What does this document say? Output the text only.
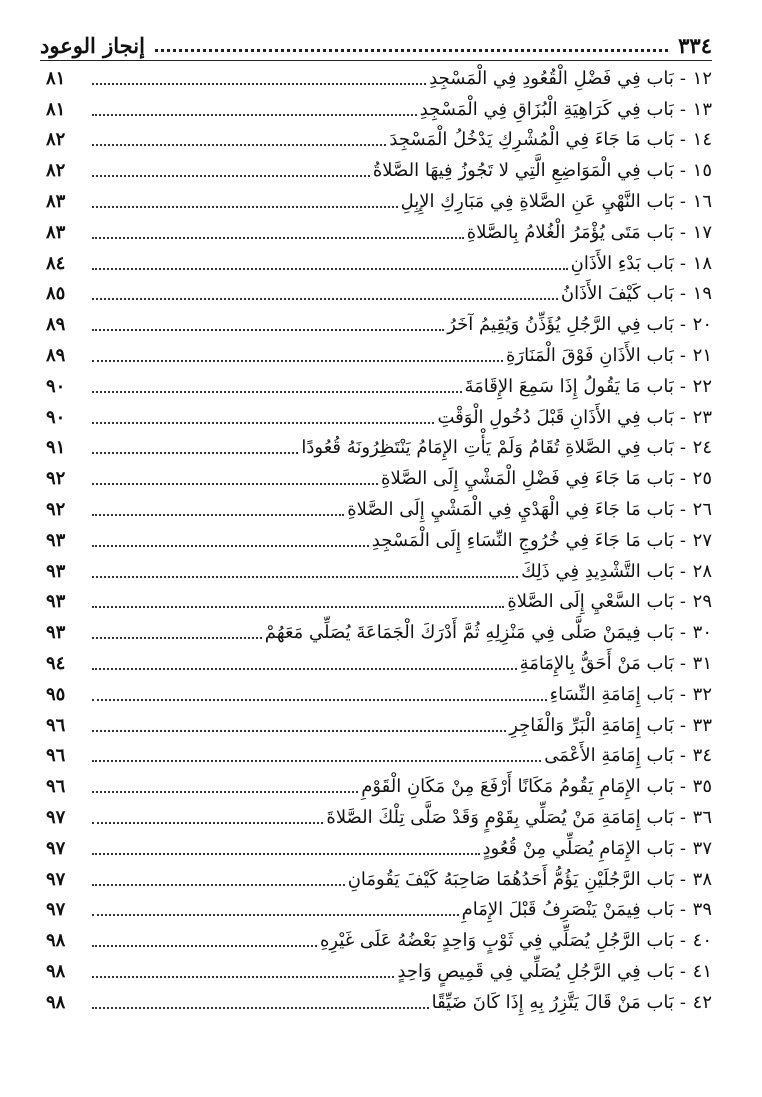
٣٣٤
إنجاز الوعود
١٢
-
بَاب فِي فَضْلِ الْقُعُودِ فِي الْمَسْجِدِ
٨١
١٣
-
بَاب فِي كَرَاهِيَةِ الْبُزَاقِ فِي الْمَسْجِدِ
٨١
١٤
-
بَاب مَا جَاءَ فِي الْمُشْرِكِ يَدْخُلُ الْمَسْجِدَ
٨٢
١٥
-
بَاب فِي الْمَوَاضِعِ الَّتِي لا تَجُوزُ فِيهَا الصَّلاةُ
٨٢
١٦
-
بَاب النَّهْيِ عَنِ الصَّلاةِ فِي مَبَارِكِ الإِبِلِ
٨٣
١٧
-
بَاب مَتَى يُؤْمَرُ الْغُلامُ بِالصَّلاةِ
٨٣
١٨
-
بَاب بَدْءِ الأَذَانِ
٨٤
١٩
-
بَاب كَيْفَ الأَذَانُ
٨٥
٢٠
-
بَاب فِي الرَّجُلِ يُؤَذِّنُ وَيُقِيمُ آخَرُ
٨٩
٢١
-
بَاب الأَذَانِ فَوْقَ الْمَنَارَةِ
٨٩
٢٢
-
بَاب مَا يَقُولُ إِذَا سَمِعَ الإِقَامَةَ
٩٠
٢٣
-
بَاب فِي الأَذَانِ قَبْلَ دُخُولِ الْوَقْتِ
٩٠
٢٤
-
بَاب فِي الصَّلاةِ تُقَامُ وَلَمْ يَأْتِ الإِمَامُ يَنْتَظِرُونَهُ قُعُودًا
٩١
٢٥
-
بَاب مَا جَاءَ فِي فَضْلِ الْمَشْيِ إِلَى الصَّلاةِ
٩٢
٢٦
-
بَاب مَا جَاءَ فِي الْهَدْيِ فِي الْمَشْيِ إِلَى الصَّلاةِ
٩٢
٢٧
-
بَاب مَا جَاءَ فِي خُرُوجِ النِّسَاءِ إِلَى الْمَسْجِدِ
٩٣
٢٨
-
بَاب التَّشْدِيدِ فِي ذَلِكَ
٩٣
٢٩
-
بَاب السَّعْيِ إِلَى الصَّلاةِ
٩٣
٣٠
-
بَاب فِيمَنْ صَلَّى فِي مَنْزِلِهِ ثُمَّ أَدْرَكَ الْجَمَاعَةَ يُصَلِّي مَعَهُمْ
٩٣
٣١
-
بَاب مَنْ أَحَقُّ بِالإِمَامَةِ
٩٤
٣٢
-
بَاب إِمَامَةِ النِّسَاءِ
٩٥
٣٣
-
بَاب إِمَامَةِ الْبَرِّ وَالْفَاجِرِ
٩٦
٣٤
-
بَاب إِمَامَةِ الأَعْمَى
٩٦
٣٥
-
بَاب الإِمَامِ يَقُومُ مَكَانًا أَرْفَعَ مِنْ مَكَانِ الْقَوْمِ
٩٦
٣٦
-
بَاب إِمَامَةِ مَنْ يُصَلِّي بِقَوْمٍ وَقَدْ صَلَّى تِلْكَ الصَّلاةَ
٩٧
٣٧
-
بَاب الإِمَامِ يُصَلِّي مِنْ قُعُودٍ
٩٧
٣٨
-
بَاب الرَّجُلَيْنِ يَؤُمُّ أَحَدُهُمَا صَاحِبَهُ كَيْفَ يَقُومَانِ
٩٧
٣٩
-
بَاب فِيمَنْ يَنْصَرِفُ قَبْلَ الإِمَامِ
٩٧
٤٠
-
بَاب الرَّجُلِ يُصَلِّي فِي ثَوْبٍ وَاحِدٍ بَعْضُهُ عَلَى غَيْرِهِ
٩٨
٤١
-
بَاب فِي الرَّجُلِ يُصَلِّي فِي قَمِيصٍ وَاحِدٍ
٩٨
٤٢
-
بَاب مَنْ قَالَ يَتَّزِرُ بِهِ إِذَا كَانَ ضَيِّقًا
٩٨
